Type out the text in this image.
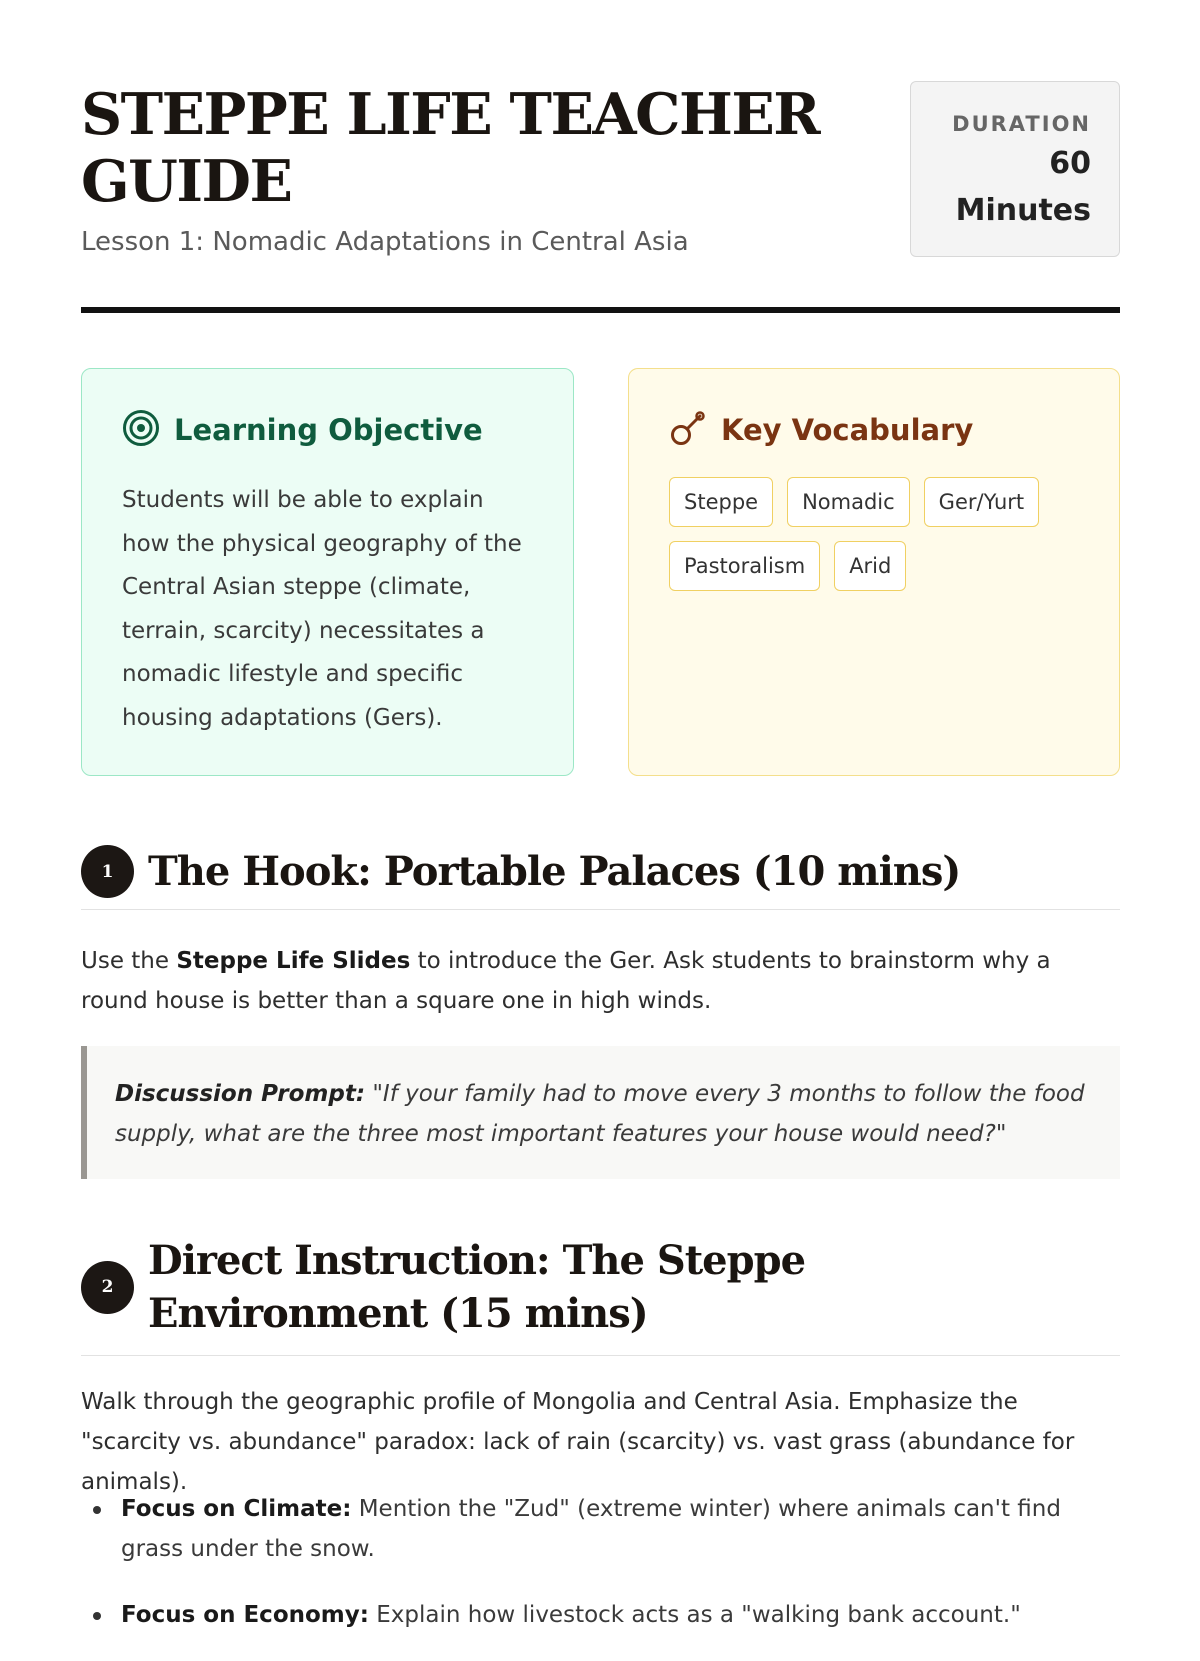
STEPPE LIFE TEACHER GUIDE
Lesson 1: Nomadic Adaptations in Central Asia
DURATION
60 Minutes
Learning Objective
Students will be able to explain how the physical geography of the Central Asian steppe (climate, terrain, scarcity) necessitates a nomadic lifestyle and specific housing adaptations (Gers).
Key Vocabulary
Steppe	Nomadic	Ger/Yurt
Pastoralism	Arid
1 The Hook: Portable Palaces (10 mins)
Use the Steppe Life Slides to introduce the Ger. Ask students to brainstorm why a round house is better than a square one in high winds.
Discussion Prompt: "If your family had to move every 3 months to follow the food supply, what are the three most important features your house would need?"
2
Direct Instruction: The Steppe Environment (15 mins)
Walk through the geographic profile of Mongolia and Central Asia. Emphasize the "scarcity vs. abundance" paradox: lack of rain (scarcity) vs. vast grass (abundance for animals).
Focus on Climate: Mention the "Zud" (extreme winter) where animals can't find grass under the snow.
Focus on Economy: Explain how livestock acts as a "walking bank account."
